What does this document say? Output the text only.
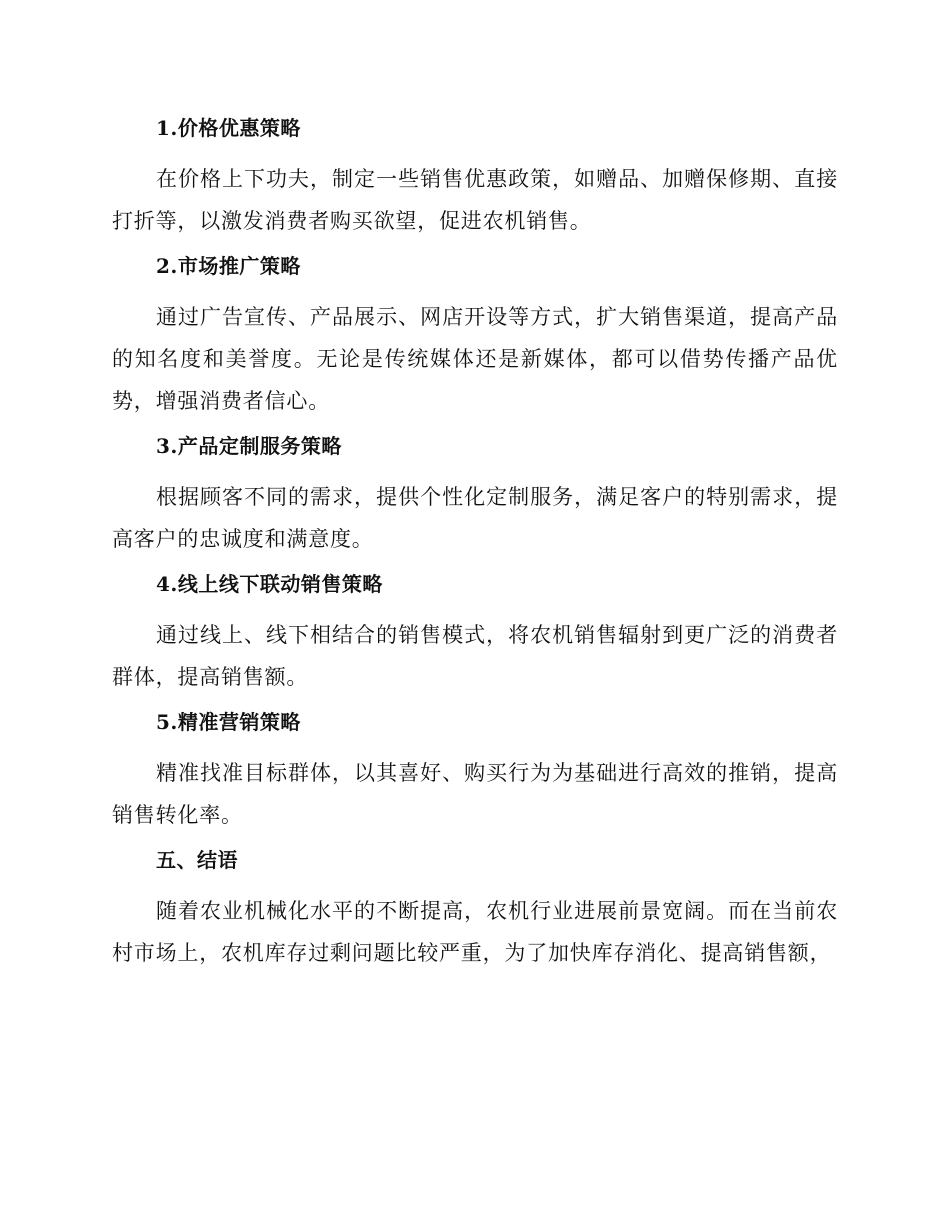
1.价格优惠策略

在价格上下功夫，制定一些销售优惠政策，如赠品、加赠保修期、直接打折等，以激发消费者购买欲望，促进农机销售。

2.市场推广策略

通过广告宣传、产品展示、网店开设等方式，扩大销售渠道，提高产品的知名度和美誉度。无论是传统媒体还是新媒体，都可以借势传播产品优势，增强消费者信心。

3.产品定制服务策略

根据顾客不同的需求，提供个性化定制服务，满足客户的特别需求，提高客户的忠诚度和满意度。

4.线上线下联动销售策略

通过线上、线下相结合的销售模式，将农机销售辐射到更广泛的消费者群体，提高销售额。

5.精准营销策略

精准找准目标群体，以其喜好、购买行为为基础进行高效的推销，提高销售转化率。

五、结语

随着农业机械化水平的不断提高，农机行业进展前景宽阔。而在当前农村市场上，农机库存过剩问题比较严重，为了加快库存消化、提高销售额，
